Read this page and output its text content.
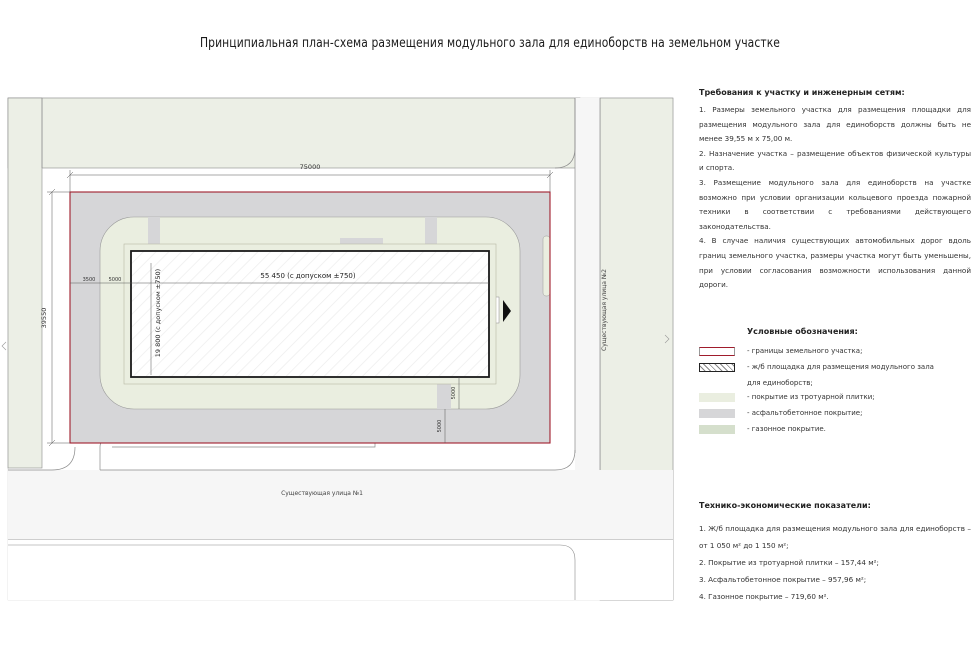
Принципиальная план-схема размещения модульного зала для единоборств на земельном участке
75000
39550
3500	5000	55 450 (с допуском ±750)
19 800 (с допуском ±750)
5000
5000
Существующая улица №1
Существующая улица №2
Требования к участку и инженерным сетям:

1. Размеры земельного участка для размещения площадки для размещения модульного зала для единоборств должны быть не менее 39,55 м х 75,00 м.

2. Назначение участка – размещение объектов физической культуры и спорта.

3. Размещение модульного зала для единоборств на участке возможно при условии организации кольцевого проезда пожарной техники в соответствии с требованиями действующего законодательства.

4. В случае наличия существующих автомобильных дорог вдоль границ земельного участка, размеры участка могут быть уменьшены, при условии согласования возможности использования данной дороги.

Условные обозначения:
- границы земельного участка;
- ж/б площадка для размещения модульного зала
для единоборств;
- покрытие из тротуарной плитки;
- асфальтобетонное покрытие;
- газонное покрытие.
Технико-экономические показатели:

1. Ж/б площадка для размещения модульного зала для единоборств – от 1 050 м² до 1 150 м²;

2. Покрытие из тротуарной плитки – 157,44 м²;

3. Асфальтобетонное покрытие – 957,96 м²;

4. Газонное покрытие – 719,60 м².
